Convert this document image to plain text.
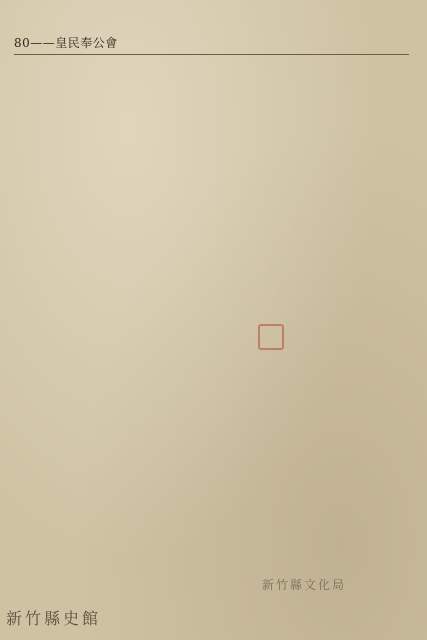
80——皇民奉公會
新竹縣史館
新竹縣文化局
